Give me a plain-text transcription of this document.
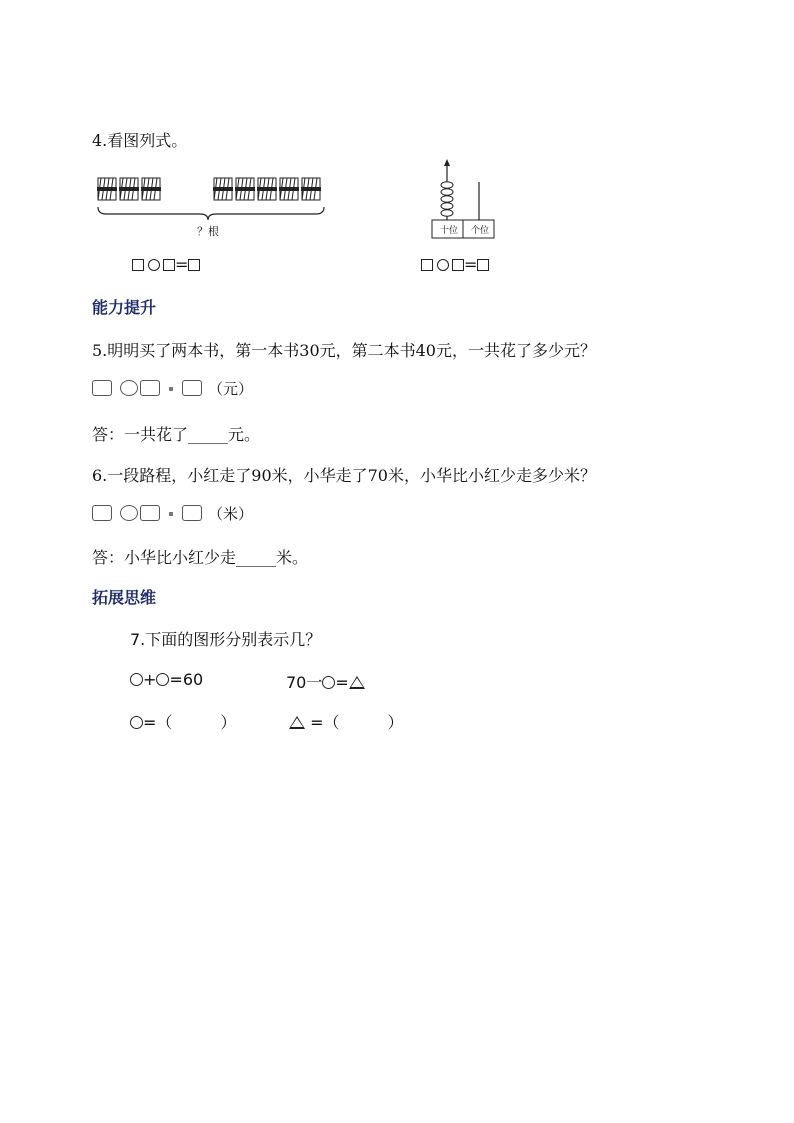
4.看图列式。
？根	十位	个位
=	=
能力提升
5.明明买了两本书，第一本书30元，第二本书40元，一共花了多少元？
（元）
答：一共花了_____元。
6.一段路程，小红走了90米，小华走了70米，小华比小红少走多少米？
（米）
答：小华比小红少走_____米。
拓展思维
7.下面的图形分别表示几？
+ =60	70一 =
=（　　　）	=（　　　）
